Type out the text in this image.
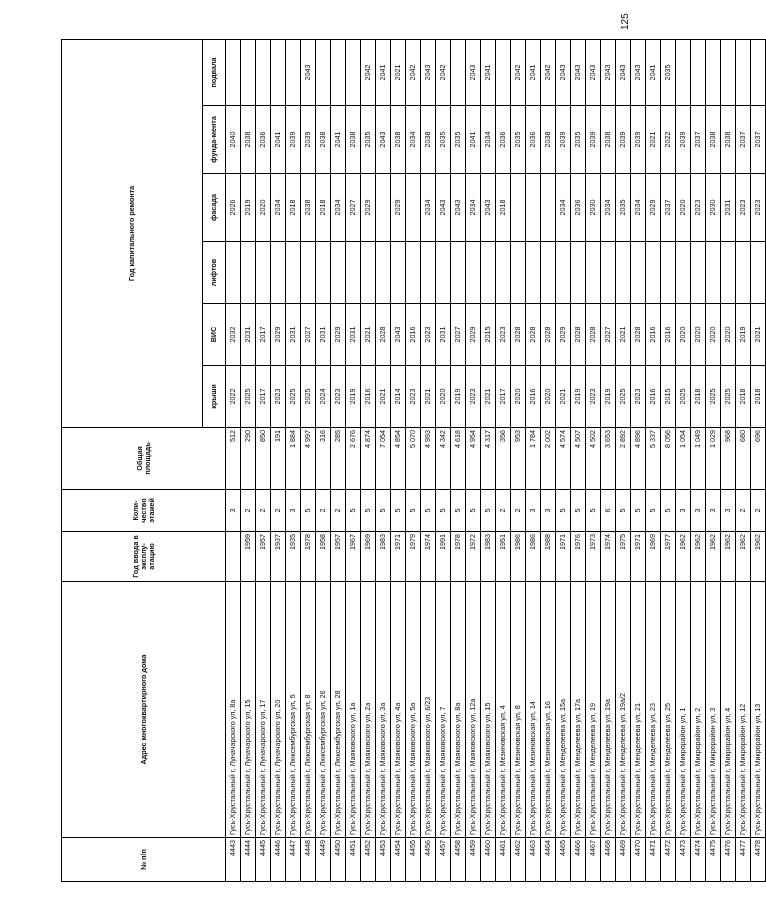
125
№ п/п	Адрес многоквартирного дома	Год ввода в эксплу-атацию	Коли-чество этажей	Общая площадь	Год капитального ремонта					
					крыши	ВИС	лифтов	фасада	фунда-мента	подвала
4443	Гусь-Хрустальный г, Луначарского ул, 8а		3	512	2022	2032		2026	2040	
4444	Гусь-Хрустальный г, Луначарского ул, 15	1959	2	290	2025	2031		2019	2038	
4445	Гусь-Хрустальный г, Луначарского ул, 17	1957	2	850	2017	2017		2020	2036	
4446	Гусь-Хрустальный г, Луначарского ул, 20	1937	2	191	2023	2029		2034	2041	
4447	Гусь-Хрустальный г, Люксембургская ул, 5	1935	3	1 884	2025	2031		2018	2039	
4448	Гусь-Хрустальный г, Люксембургская ул, 8	1978	5	4 997	2025	2027		2038	2039	2043
4449	Гусь-Хрустальный г, Люксембургская ул, 26	1958	2	316	2024	2031		2018	2038	
4450	Гусь-Хрустальный г, Люксембургская ул, 28	1957	2	285	2023	2029		2034	2041	
4451	Гусь-Хрустальный г, Маяковского ул, 1а	1967	5	2 676	2019	2031		2027	2038	
4452	Гусь-Хрустальный г, Маяковского ул, 2а	1969	5	4 874	2016	2021		2029	2035	2042
4453	Гусь-Хрустальный г, Маяковского ул, 3а	1983	5	7 054	2021	2028			2043	2041
4454	Гусь-Хрустальный г, Маяковского ул, 4а	1971	5	4 854	2014	2043		2029	2038	2021
4455	Гусь-Хрустальный г, Маяковского ул, 5а	1979	5	5 070	2023	2016			2034	2042
4456	Гусь-Хрустальный г, Маяковского ул, 6/23	1974	5	4 993	2021	2023		2034	2038	2043
4457	Гусь-Хрустальный г, Маяковского ул, 7	1991	5	4 342	2020	2031		2043	2035	2042
4458	Гусь-Хрустальный г, Маяковского ул, 8а	1978	5	4 618	2019	2027		2043	2035	
4459	Гусь-Хрустальный г, Маяковского ул, 12а	1972	5	4 954	2023	2029		2034	2041	2043
4460	Гусь-Хрустальный г, Маяковского ул, 15	1983	5	4 317	2021	2015		2043	2034	2041
4461	Гусь-Хрустальный г, Мезиновская ул, 4	1951	2	356	2017	2023		2018	2036	
4462	Гусь-Хрустальный г, Мезиновская ул, 8	1986	2	953	2020	2028			2035	2042
4463	Гусь-Хрустальный г, Мезиновская ул, 14	1986	3	1 784	2016	2028			2036	2041
4464	Гусь-Хрустальный г, Мезиновская ул, 16	1988	3	2 002	2020	2028			2038	2042
4465	Гусь-Хрустальный г, Менделеева ул, 15а	1971	5	4 574	2021	2029		2034	2039	2043
4466	Гусь-Хрустальный г, Менделеева ул, 17а	1976	5	4 507	2019	2028		2036	2035	2043
4467	Гусь-Хрустальный г, Менделеева ул, 19	1973	5	4 502	2023	2028		2030	2039	2043
4468	Гусь-Хрустальный г, Менделеева ул, 19а	1974	6	3 653	2019	2027		2034	2038	2043
4469	Гусь-Хрустальный г, Менделеева ул, 19а/2	1975	5	2 892	2025	2021		2035	2039	2043
4470	Гусь-Хрустальный г, Менделеева ул, 21	1971	5	4 896	2023	2028		2034	2039	2043
4471	Гусь-Хрустальный г, Менделеева ул, 23	1969	5	5 337	2016	2016		2029	2021	2041
4472	Гусь-Хрустальный г, Менделеева ул, 25	1977	5	8 056	2015	2016		2037	2022	2035
4473	Гусь-Хрустальный г, Микрорайон ул, 1	1962	3	1 054	2025	2020		2020	2039	
4474	Гусь-Хрустальный г, Микрорайон ул, 2	1962	3	1 049	2018	2020		2023	2037	
4475	Гусь-Хрустальный г, Микрорайон ул, 3	1962	3	1 029	2025	2020		2030	2038	
4476	Гусь-Хрустальный г, Микрорайон ул, 4	1962	3	968	2025	2020		2031	2038	
4477	Гусь-Хрустальный г, Микрорайон ул, 12	1962	2	680	2018	2019		2023	2037	
4478	Гусь-Хрустальный г, Микрорайон ул, 13	1962	2	696	2018	2021		2023	2037	
